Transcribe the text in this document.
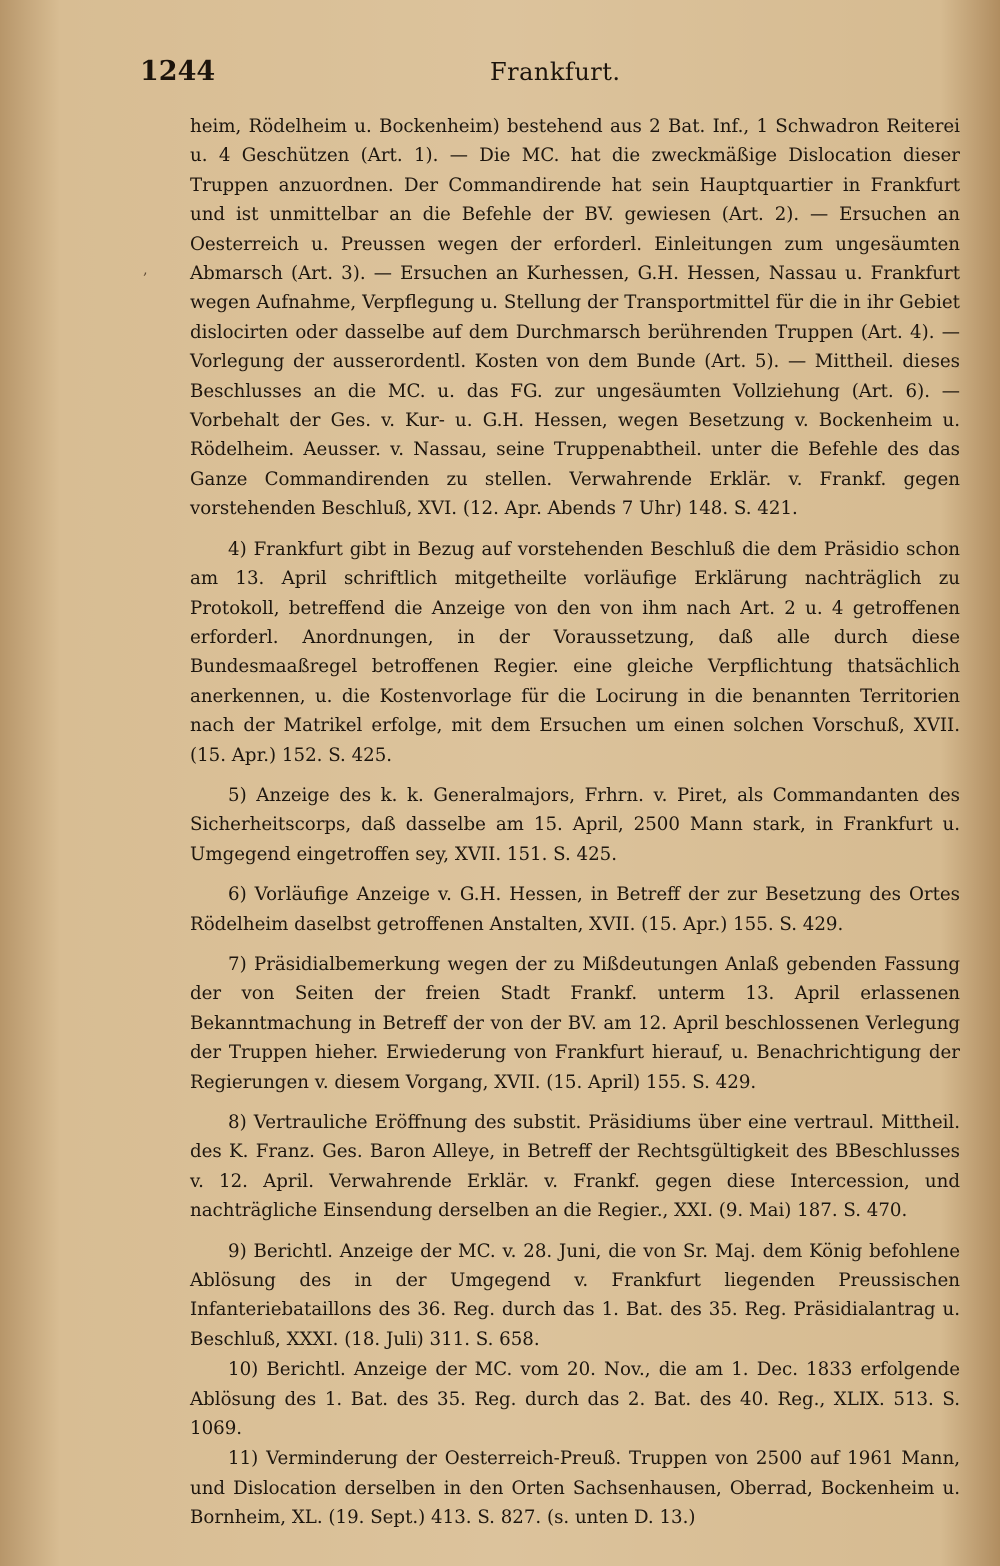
1244	Frankfurt.
‚

heim, Rödelheim u. Bockenheim) bestehend aus 2 Bat. Inf., 1 Schwadron Reiterei u. 4 Geschützen (Art. 1). — Die MC. hat die zweckmäßige Dislocation dieser Truppen anzuordnen. Der Commandirende hat sein Hauptquartier in Frankfurt und ist unmittelbar an die Befehle der BV. gewiesen (Art. 2). — Ersuchen an Oesterreich u. Preussen wegen der erforderl. Einleitungen zum ungesäumten Abmarsch (Art. 3). — Ersuchen an Kurhessen, G.H. Hessen, Nassau u. Frankfurt wegen Aufnahme, Verpflegung u. Stellung der Transportmittel für die in ihr Gebiet dislocirten oder dasselbe auf dem Durchmarsch berührenden Truppen (Art. 4). — Vorlegung der ausserordentl. Kosten von dem Bunde (Art. 5). — Mittheil. dieses Beschlusses an die MC. u. das FG. zur ungesäumten Vollziehung (Art. 6). — Vorbehalt der Ges. v. Kur- u. G.H. Hessen, wegen Besetzung v. Bockenheim u. Rödelheim. Aeusser. v. Nassau, seine Truppenabtheil. unter die Befehle des das Ganze Commandirenden zu stellen. Verwahrende Erklär. v. Frankf. gegen vorstehenden Beschluß, XVI. (12. Apr. Abends 7 Uhr) 148. S. 421.

4) Frankfurt gibt in Bezug auf vorstehenden Beschluß die dem Präsidio schon am 13. April schriftlich mitgetheilte vorläufige Erklärung nachträglich zu Protokoll, betreffend die Anzeige von den von ihm nach Art. 2 u. 4 getroffenen erforderl. Anordnungen, in der Voraussetzung, daß alle durch diese Bundesmaaßregel betroffenen Regier. eine gleiche Verpflichtung thatsächlich anerkennen, u. die Kostenvorlage für die Locirung in die benannten Territorien nach der Matrikel erfolge, mit dem Ersuchen um einen solchen Vorschuß, XVII. (15. Apr.) 152. S. 425.

5) Anzeige des k. k. Generalmajors, Frhrn. v. Piret, als Commandanten des Sicherheitscorps, daß dasselbe am 15. April, 2500 Mann stark, in Frankfurt u. Umgegend eingetroffen sey, XVII. 151. S. 425.

6) Vorläufige Anzeige v. G.H. Hessen, in Betreff der zur Besetzung des Ortes Rödelheim daselbst getroffenen Anstalten, XVII. (15. Apr.) 155. S. 429.

7) Präsidialbemerkung wegen der zu Mißdeutungen Anlaß gebenden Fassung der von Seiten der freien Stadt Frankf. unterm 13. April erlassenen Bekanntmachung in Betreff der von der BV. am 12. April beschlossenen Verlegung der Truppen hieher. Erwiederung von Frankfurt hierauf, u. Benachrichtigung der Regierungen v. diesem Vorgang, XVII. (15. April) 155. S. 429.

8) Vertrauliche Eröffnung des substit. Präsidiums über eine vertraul. Mittheil. des K. Franz. Ges. Baron Alleye, in Betreff der Rechtsgültigkeit des BBeschlusses v. 12. April. Verwahrende Erklär. v. Frankf. gegen diese Intercession, und nachträgliche Einsendung derselben an die Regier., XXI. (9. Mai) 187. S. 470.

9) Berichtl. Anzeige der MC. v. 28. Juni, die von Sr. Maj. dem König befohlene Ablösung des in der Umgegend v. Frankfurt liegenden Preussischen Infanteriebataillons des 36. Reg. durch das 1. Bat. des 35. Reg. Präsidialantrag u. Beschluß, XXXI. (18. Juli) 311. S. 658.

10) Berichtl. Anzeige der MC. vom 20. Nov., die am 1. Dec. 1833 erfolgende Ablösung des 1. Bat. des 35. Reg. durch das 2. Bat. des 40. Reg., XLIX. 513. S. 1069.

11) Verminderung der Oesterreich-Preuß. Truppen von 2500 auf 1961 Mann, und Dislocation derselben in den Orten Sachsenhausen, Oberrad, Bockenheim u. Bornheim, XL. (19. Sept.) 413. S. 827. (s. unten D. 13.)
